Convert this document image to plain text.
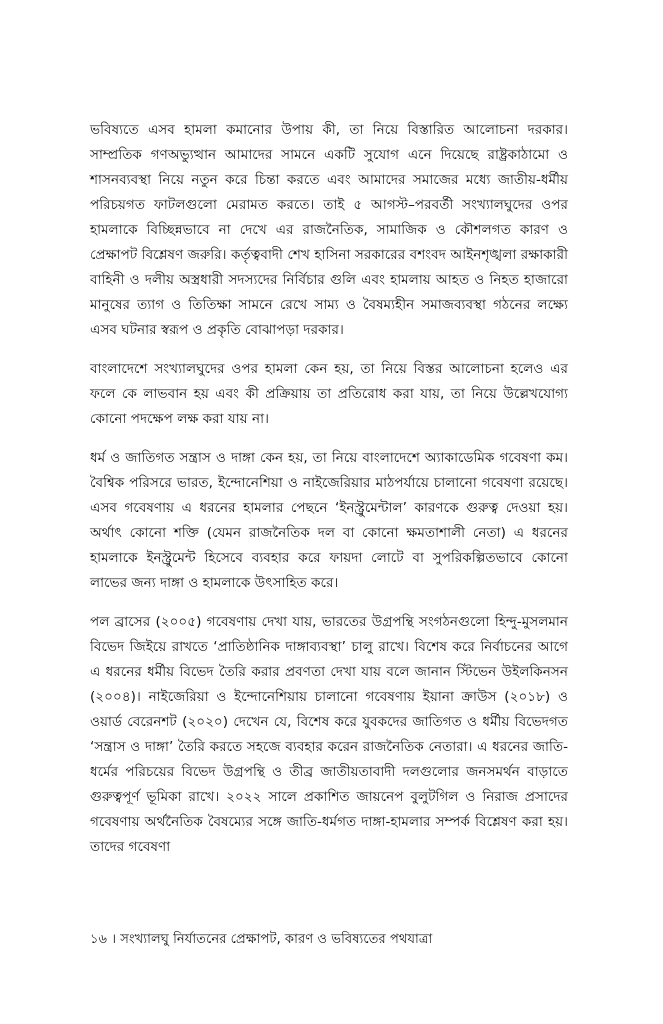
ভবিষ্যতে এসব হামলা কমানোর উপায় কী, তা নিয়ে বিস্তারিত আলোচনা দরকার। সাম্প্রতিক গণঅভ্যুত্থান আমাদের সামনে একটি সুযোগ এনে দিয়েছে রাষ্ট্রকাঠামো ও শাসনব্যবস্থা নিয়ে নতুন করে চিন্তা করতে এবং আমাদের সমাজের মধ্যে জাতীয়-ধর্মীয় পরিচয়গত ফাটলগুলো মেরামত করতে। তাই ৫ আগস্ট–পরবর্তী সংখ্যালঘুদের ওপর হামলাকে বিচ্ছিন্নভাবে না দেখে এর রাজনৈতিক, সামাজিক ও কৌশলগত কারণ ও প্রেক্ষাপট বিশ্লেষণ জরুরি। কর্তৃত্ববাদী শেখ হাসিনা সরকারের বশংবদ আইনশৃঙ্খলা রক্ষাকারী বাহিনী ও দলীয় অস্ত্রধারী সদস্যদের নির্বিচার গুলি এবং হামলায় আহত ও নিহত হাজারো মানুষের ত্যাগ ও তিতিক্ষা সামনে রেখে সাম্য ও বৈষম্যহীন সমাজব্যবস্থা গঠনের লক্ষ্যে এসব ঘটনার স্বরূপ ও প্রকৃতি বোঝাপড়া দরকার।

বাংলাদেশে সংখ্যালঘুদের ওপর হামলা কেন হয়, তা নিয়ে বিস্তর আলোচনা হলেও এর ফলে কে লাভবান হয় এবং কী প্রক্রিয়ায় তা প্রতিরোধ করা যায়, তা নিয়ে উল্লেখযোগ্য কোনো পদক্ষেপ লক্ষ করা যায় না।

ধর্ম ও জাতিগত সন্ত্রাস ও দাঙ্গা কেন হয়, তা নিয়ে বাংলাদেশে অ্যাকাডেমিক গবেষণা কম। বৈশ্বিক পরিসরে ভারত, ইন্দোনেশিয়া ও নাইজেরিয়ার মাঠপর্যায়ে চালানো গবেষণা রয়েছে। এসব গবেষণায় এ ধরনের হামলার পেছনে ‘ইনস্ট্রুমেন্টাল’ কারণকে গুরুত্ব দেওয়া হয়। অর্থাৎ কোনো শক্তি (যেমন রাজনৈতিক দল বা কোনো ক্ষমতাশালী নেতা) এ ধরনের হামলাকে ইনস্ট্রুমেন্ট হিসেবে ব্যবহার করে ফায়দা লোটে বা সুপরিকল্পিতভাবে কোনো লাভের জন্য দাঙ্গা ও হামলাকে উৎসাহিত করে।

পল ব্রাসের (২০০৫) গবেষণায় দেখা যায়, ভারতের উগ্রপন্থি সংগঠনগুলো হিন্দু-মুসলমান বিভেদ জিইয়ে রাখতে ‘প্রাতিষ্ঠানিক দাঙ্গাব্যবস্থা’ চালু রাখে। বিশেষ করে নির্বাচনের আগে এ ধরনের ধর্মীয় বিভেদ তৈরি করার প্রবণতা দেখা যায় বলে জানান স্টিভেন উইলকিনসন (২০০৪)। নাইজেরিয়া ও ইন্দোনেশিয়ায় চালানো গবেষণায় ইয়ানা ক্রাউস (২০১৮) ও ওয়ার্ড বেরেনশট (২০২০) দেখেন যে, বিশেষ করে যুবকদের জাতিগত ও ধর্মীয় বিভেদগত ‘সন্ত্রাস ও দাঙ্গা’ তৈরি করতে সহজে ব্যবহার করেন রাজনৈতিক নেতারা। এ ধরনের জাতি-ধর্মের পরিচয়ের বিভেদ উগ্রপন্থি ও তীব্র জাতীয়তাবাদী দলগুলোর জনসমর্থন বাড়াতে গুরুত্বপূর্ণ ভূমিকা রাখে। ২০২২ সালে প্রকাশিত জায়নেপ বুলুটগিল ও নিরাজ প্রসাদের গবেষণায় অর্থনৈতিক বৈষম্যের সঙ্গে জাতি-ধর্মগত দাঙ্গা-হামলার সম্পর্ক বিশ্লেষণ করা হয়। তাদের গবেষণা

১৬ । সংখ্যালঘু নির্যাতনের প্রেক্ষাপট, কারণ ও ভবিষ্যতের পথযাত্রা
